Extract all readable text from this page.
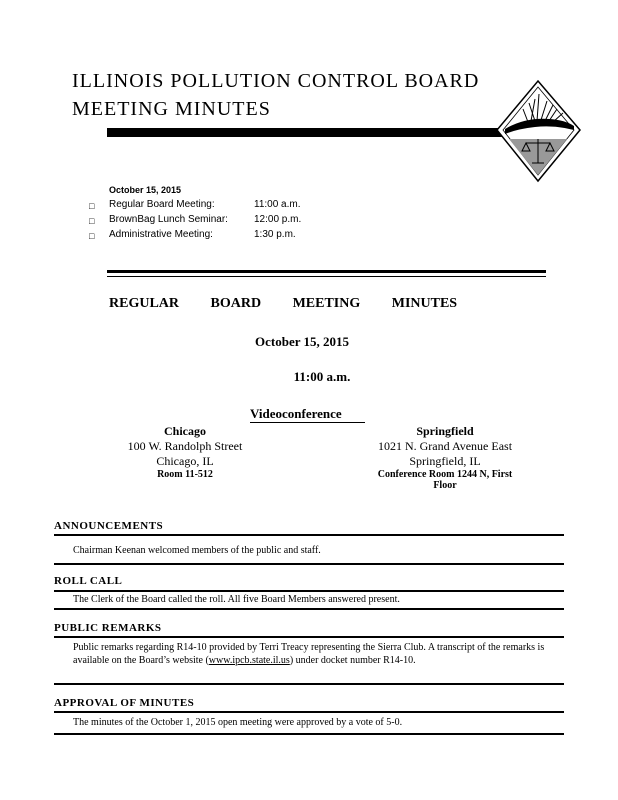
ILLINOIS POLLUTION CONTROL BOARD
MEETING MINUTES
October 15, 2015
□ Regular Board Meeting:	11:00 a.m.
□ BrownBag Lunch Seminar:	12:00 p.m.
□ Administrative Meeting:	1:30 p.m.
REGULAR BOARD MEETING MINUTES
October 15, 2015
11:00 a.m.
Videoconference
Chicago
100 W. Randolph Street
Chicago, IL
Room 11-512
Springfield
1021 N. Grand Avenue East
Springfield, IL
Conference Room 1244 N, First
Floor
ANNOUNCEMENTS
Chairman Keenan welcomed members of the public and staff.
ROLL CALL
The Clerk of the Board called the roll. All five Board Members answered present.
PUBLIC REMARKS
Public remarks regarding R14-10 provided by Terri Treacy representing the Sierra Club. A transcript of the remarks is available on the Board’s website (www.ipcb.state.il.us) under docket number R14-10.
APPROVAL OF MINUTES
The minutes of the October 1, 2015 open meeting were approved by a vote of 5-0.
